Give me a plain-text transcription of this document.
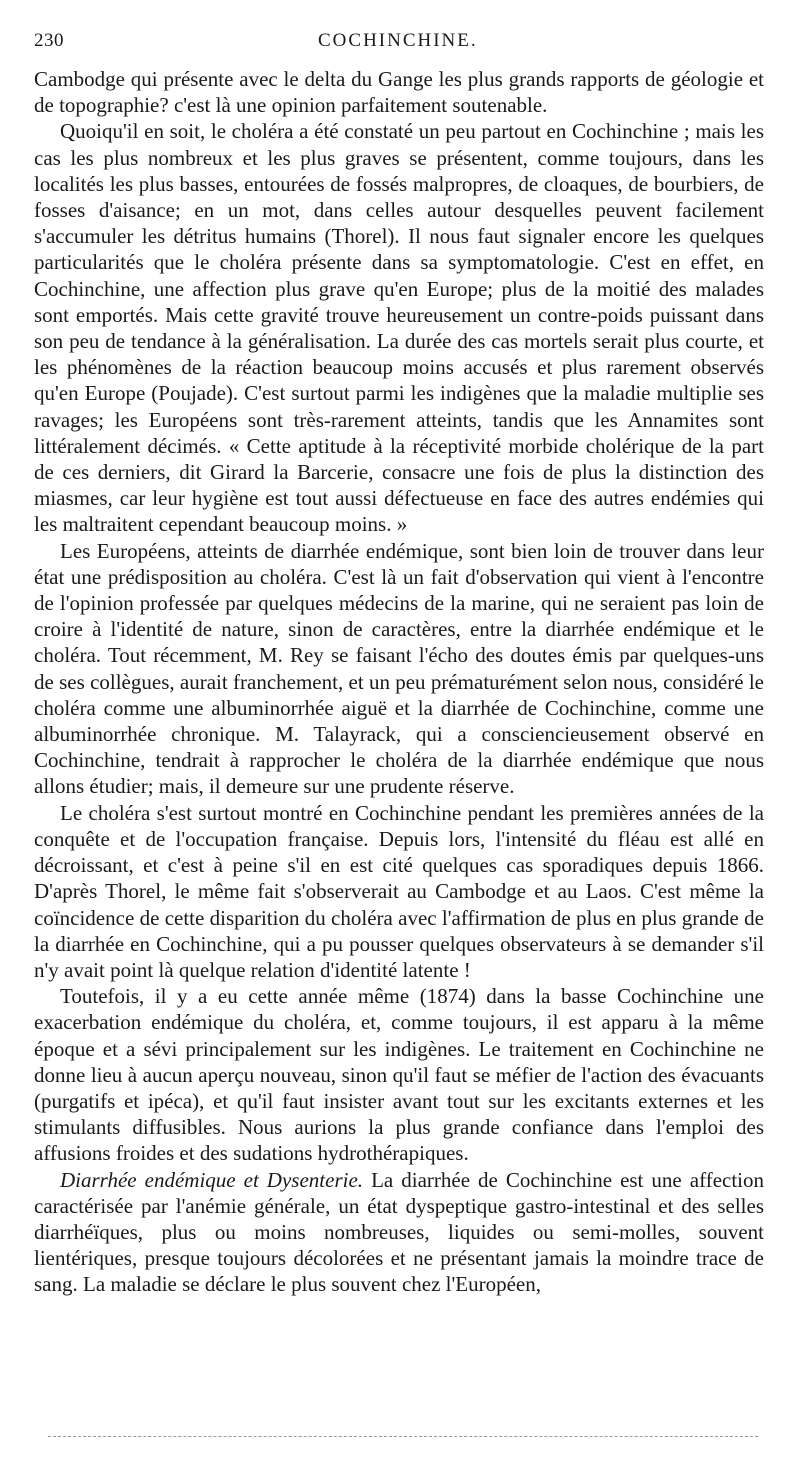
230	COCHINCHINE.

Cambodge qui présente avec le delta du Gange les plus grands rapports de géologie et de topographie? c'est là une opinion parfaitement soutenable.

Quoiqu'il en soit, le choléra a été constaté un peu partout en Cochinchine ; mais les cas les plus nombreux et les plus graves se présentent, comme toujours, dans les localités les plus basses, entourées de fossés malpropres, de cloaques, de bourbiers, de fosses d'aisance; en un mot, dans celles autour desquelles peuvent facilement s'accumuler les détritus humains (Thorel). Il nous faut signaler encore les quelques particularités que le choléra présente dans sa symptomatologie. C'est en effet, en Cochinchine, une affection plus grave qu'en Europe; plus de la moitié des malades sont emportés. Mais cette gravité trouve heureusement un contre-poids puissant dans son peu de tendance à la généralisation. La durée des cas mortels serait plus courte, et les phénomènes de la réaction beaucoup moins accusés et plus rarement observés qu'en Europe (Poujade). C'est surtout parmi les indigènes que la maladie multiplie ses ravages; les Européens sont très-rarement atteints, tandis que les Annamites sont littéralement décimés. « Cette aptitude à la réceptivité morbide cholérique de la part de ces derniers, dit Girard la Barcerie, consacre une fois de plus la distinction des miasmes, car leur hygiène est tout aussi défectueuse en face des autres endémies qui les maltraitent cependant beaucoup moins. »

Les Européens, atteints de diarrhée endémique, sont bien loin de trouver dans leur état une prédisposition au choléra. C'est là un fait d'observation qui vient à l'encontre de l'opinion professée par quelques médecins de la marine, qui ne seraient pas loin de croire à l'identité de nature, sinon de caractères, entre la diarrhée endémique et le choléra. Tout récemment, M. Rey se faisant l'écho des doutes émis par quelques-uns de ses collègues, aurait franchement, et un peu prématurément selon nous, considéré le choléra comme une albuminorrhée aiguë et la diarrhée de Cochinchine, comme une albuminorrhée chronique. M. Talayrack, qui a consciencieusement observé en Cochinchine, tendrait à rapprocher le choléra de la diarrhée endémique que nous allons étudier; mais, il demeure sur une prudente réserve.

Le choléra s'est surtout montré en Cochinchine pendant les premières années de la conquête et de l'occupation française. Depuis lors, l'intensité du fléau est allé en décroissant, et c'est à peine s'il en est cité quelques cas sporadiques depuis 1866. D'après Thorel, le même fait s'observerait au Cambodge et au Laos. C'est même la coïncidence de cette disparition du choléra avec l'affirmation de plus en plus grande de la diarrhée en Cochinchine, qui a pu pousser quelques observateurs à se demander s'il n'y avait point là quelque relation d'identité latente !

Toutefois, il y a eu cette année même (1874) dans la basse Cochinchine une exacerbation endémique du choléra, et, comme toujours, il est apparu à la même époque et a sévi principalement sur les indigènes. Le traitement en Cochinchine ne donne lieu à aucun aperçu nouveau, sinon qu'il faut se méfier de l'action des évacuants (purgatifs et ipéca), et qu'il faut insister avant tout sur les excitants externes et les stimulants diffusibles. Nous aurions la plus grande confiance dans l'emploi des affusions froides et des sudations hydrothérapiques.

Diarrhée endémique et Dysenterie. La diarrhée de Cochinchine est une affection caractérisée par l'anémie générale, un état dyspeptique gastro-intestinal et des selles diarrhéïques, plus ou moins nombreuses, liquides ou semi-molles, souvent lientériques, presque toujours décolorées et ne présentant jamais la moindre trace de sang. La maladie se déclare le plus souvent chez l'Européen,
